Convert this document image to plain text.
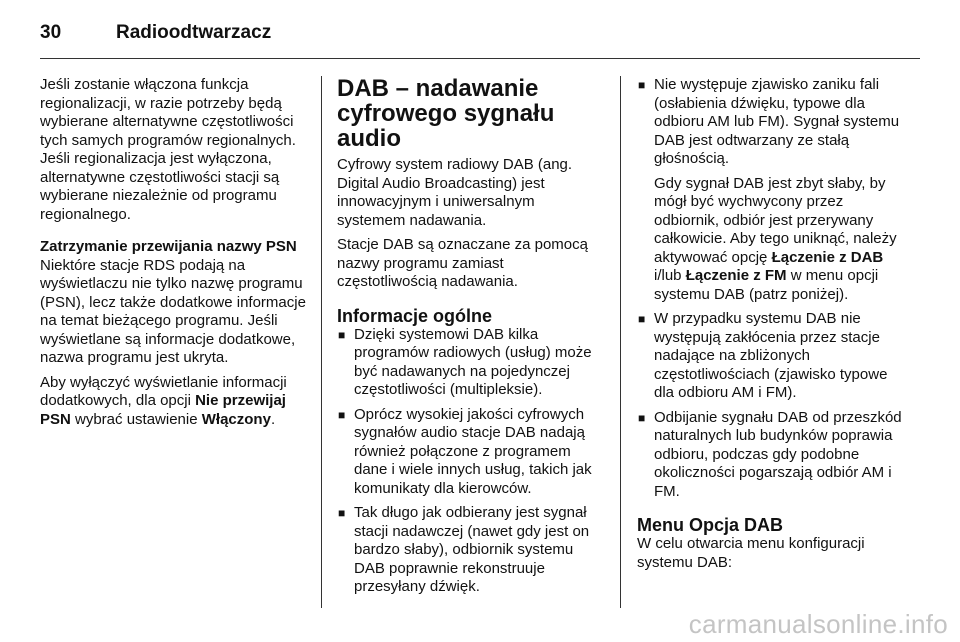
30	Radioodtwarzacz

Jeśli zostanie włączona funkcja regionalizacji, w razie potrzeby będą wybierane alternatywne częstotliwości tych samych programów regionalnych. Jeśli regionalizacja jest wyłączona, alternatywne częstotliwości stacji są wybierane niezależnie od programu regionalnego.

Zatrzymanie przewijania nazwy PSN

Niektóre stacje RDS podają na wyświetlaczu nie tylko nazwę programu (PSN), lecz także dodatkowe informacje na temat bieżącego programu. Jeśli wyświetlane są informacje dodatkowe, nazwa programu jest ukryta.

Aby wyłączyć wyświetlanie informacji dodatkowych, dla opcji Nie przewijaj PSN wybrać ustawienie Włączony.

DAB – nadawanie cyfrowego sygnału audio

Cyfrowy system radiowy DAB (ang. Digital Audio Broadcasting) jest innowacyjnym i uniwersalnym systemem nadawania.

Stacje DAB są oznaczane za pomocą nazwy programu zamiast częstotliwością nadawania.

Informacje ogólne
■ Dzięki systemowi DAB kilka programów radiowych (usług) może być nadawanych na pojedynczej częstotliwości (multipleksie).
■ Oprócz wysokiej jakości cyfrowych sygnałów audio stacje DAB nadają również połączone z programem dane i wiele innych usług, takich jak komunikaty dla kierowców.
■ Tak długo jak odbierany jest sygnał stacji nadawczej (nawet gdy jest on bardzo słaby), odbiornik systemu DAB poprawnie rekonstruuje przesyłany dźwięk.
■ Nie występuje zjawisko zaniku fali (osłabienia dźwięku, typowe dla odbioru AM lub FM). Sygnał systemu DAB jest odtwarzany ze stałą głośnością.

Gdy sygnał DAB jest zbyt słaby, by mógł być wychwycony przez odbiornik, odbiór jest przerywany całkowicie. Aby tego uniknąć, należy aktywować opcję Łączenie z DAB i/lub Łączenie z FM w menu opcji systemu DAB (patrz poniżej).

■ W przypadku systemu DAB nie występują zakłócenia przez stacje nadające na zbliżonych częstotliwościach (zjawisko typowe dla odbioru AM i FM).
■ Odbijanie sygnału DAB od przeszkód naturalnych lub budynków poprawia odbioru, podczas gdy podobne okoliczności pogarszają odbiór AM i FM.
Menu Opcja DAB

W celu otwarcia menu konfiguracji systemu DAB:

carmanualsonline.info
